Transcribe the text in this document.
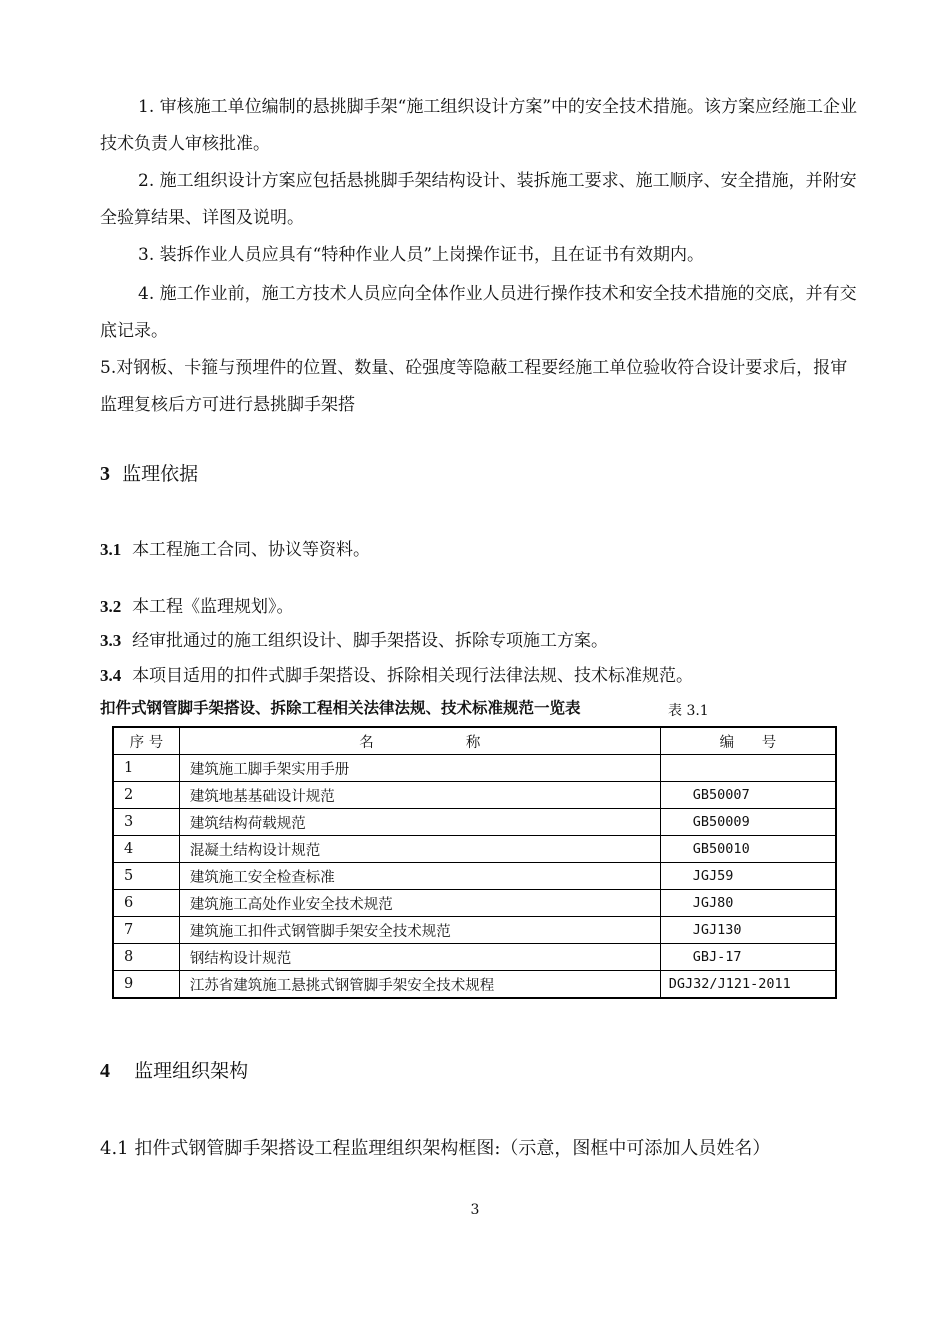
1. 审核施工单位编制的悬挑脚手架“施工组织设计方案”中的安全技术措施。该方案应经施工企业技术负责人审核批准。

2. 施工组织设计方案应包括悬挑脚手架结构设计、装拆施工要求、施工顺序、安全措施，并附安全验算结果、详图及说明。

3. 装拆作业人员应具有“特种作业人员”上岗操作证书，且在证书有效期内。

4. 施工作业前，施工方技术人员应向全体作业人员进行操作技术和安全技术措施的交底，并有交底记录。

5.对钢板、卡箍与预埋件的位置、数量、砼强度等隐蔽工程要经施工单位验收符合设计要求后，报审监理复核后方可进行悬挑脚手架搭

3 监理依据
3.1 本工程施工合同、协议等资料。
3.2 本工程《监理规划》。
3.3 经审批通过的施工组织设计、脚手架搭设、拆除专项施工方案。
3.4 本项目适用的扣件式脚手架搭设、拆除相关现行法律法规、技术标准规范。
扣件式钢管脚手架搭设、拆除工程相关法律法规、技术标准规范一览表	表 3.1
序 号	名                    称	编      号
1	建筑施工脚手架实用手册	
2	建筑地基基础设计规范	GB50007
3	建筑结构荷载规范	GB50009
4	混凝土结构设计规范	GB50010
5	建筑施工安全检查标准	JGJ59
6	建筑施工高处作业安全技术规范	JGJ80
7	建筑施工扣件式钢管脚手架安全技术规范	JGJ130
8	钢结构设计规范	GBJ-17
9	江苏省建筑施工悬挑式钢管脚手架安全技术规程	DGJ32/J121-2011
4 监理组织架构
4.1 扣件式钢管脚手架搭设工程监理组织架构框图:（示意，图框中可添加人员姓名）
3
